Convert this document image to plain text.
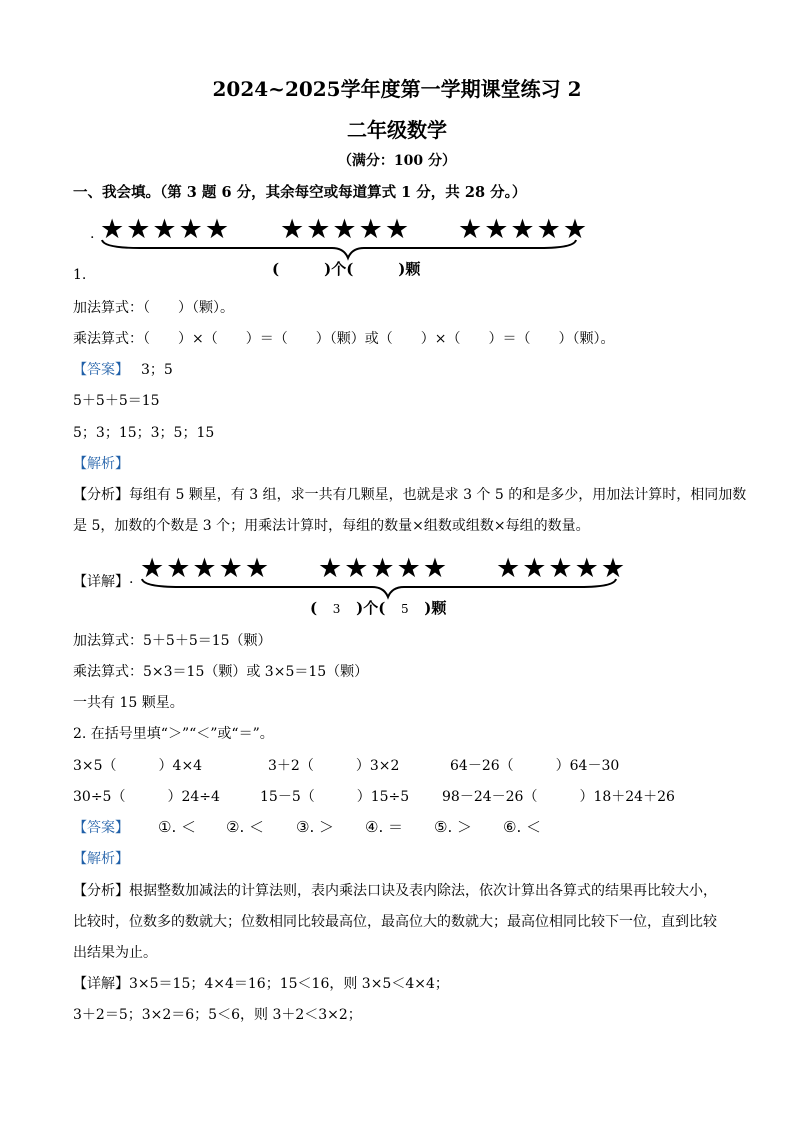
2024~2025学年度第一学期课堂练习 2
二年级数学
（满分：100 分）
一、我会填。（第 3 题 6 分，其余每空或每道算式 1 分，共 28 分。）
. ★★★★★ ★★★★★ ★★★★★
(　　　)个(　　　)颗
1.
加法算式：（　　）（颗）。
乘法算式：（　　）×（　　）＝（　　）（颗）或（　　）×（　　）＝（　　）（颗）。
【答案】 3；5
5＋5＋5＝15
5；3；15；3；5；15
【解析】
【分析】每组有 5 颗星，有 3 组，求一共有几颗星，也就是求 3 个 5 的和是多少，用加法计算时，相同加数
是 5，加数的个数是 3 个；用乘法计算时，每组的数量×组数或组数×每组的数量。
【详解】 . ★★★★★ ★★★★★ ★★★★★
( 3 )个( 5 )颗
加法算式：5＋5＋5＝15（颗）
乘法算式：5×3＝15（颗）或 3×5＝15（颗）
一共有 15 颗星。
2. 在括号里填“＞”“＜”或“＝”。
3×5（　　　）4×4	3＋2（　　　）3×2	64－26（　　　）64－30
30÷5（　　　）24÷4	15－5（　　　）15÷5 98－24－26（　　　）18＋24＋26
【答案】 ①. ＜ ②. ＜ ③. ＞ ④. ＝ ⑤. ＞ ⑥. ＜
【解析】
【分析】根据整数加减法的计算法则，表内乘法口诀及表内除法，依次计算出各算式的结果再比较大小，
比较时，位数多的数就大；位数相同比较最高位，最高位大的数就大；最高位相同比较下一位，直到比较
出结果为止。
【详解】3×5＝15；4×4＝16；15＜16，则 3×5＜4×4；
3＋2＝5；3×2＝6；5＜6，则 3＋2＜3×2；
